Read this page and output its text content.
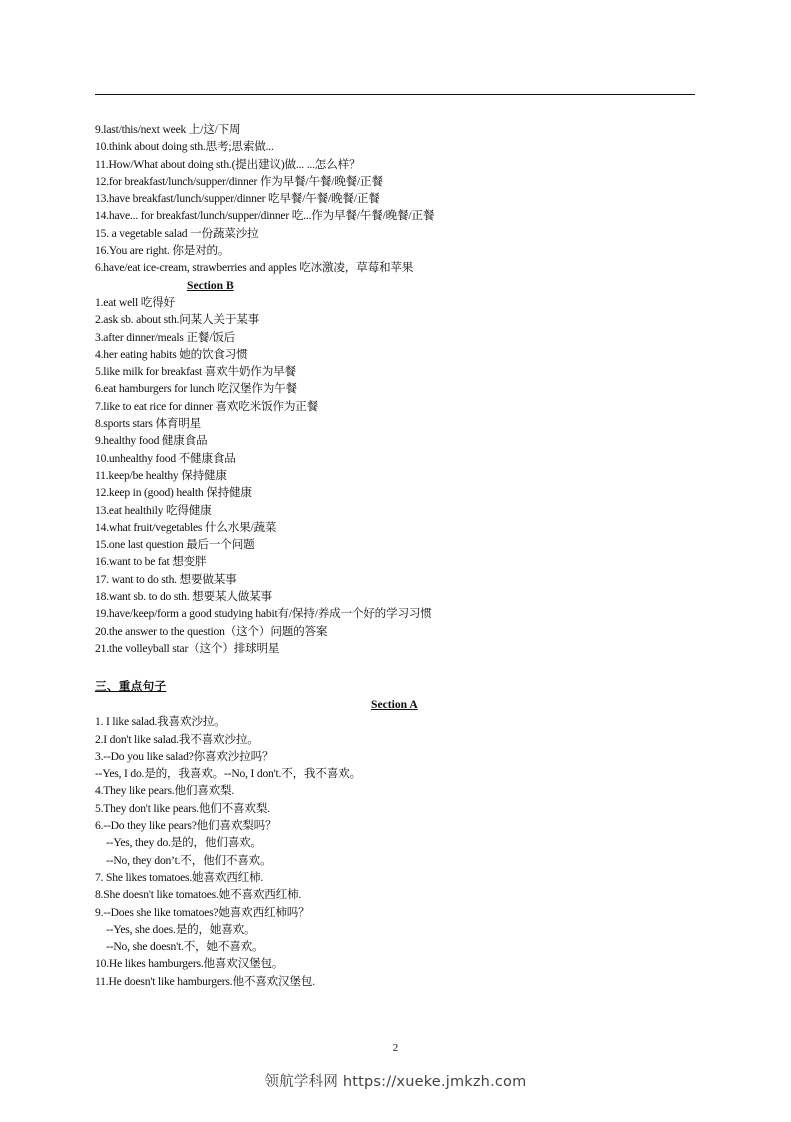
9.last/this/next week 上/这/下周
10.think about doing sth.思考;思索做...
11.How/What about doing sth.(提出建议)做... ...怎么样？
12.for breakfast/lunch/supper/dinner 作为早餐/午餐/晚餐/正餐
13.have breakfast/lunch/supper/dinner 吃早餐/午餐/晚餐/正餐
14.have... for breakfast/lunch/supper/dinner 吃...作为早餐/午餐/晚餐/正餐
15. a vegetable salad 一份蔬菜沙拉
16.You are right. 你是对的。
6.have/eat ice-cream, strawberries and apples 吃冰激凌，草莓和苹果
Section B
1.eat well 吃得好
2.ask sb. about sth.问某人关于某事
3.after dinner/meals 正餐/饭后
4.her eating habits 她的饮食习惯
5.like milk for breakfast 喜欢牛奶作为早餐
6.eat hamburgers for lunch 吃汉堡作为午餐
7.like to eat rice for dinner 喜欢吃米饭作为正餐
8.sports stars 体育明星
9.healthy food 健康食品
10.unhealthy food 不健康食品
11.keep/be healthy 保持健康
12.keep in (good) health 保持健康
13.eat healthily 吃得健康
14.what fruit/vegetables 什么水果/蔬菜
15.one last question 最后一个问题
16.want to be fat 想变胖
17. want to do sth. 想要做某事
18.want sb. to do sth. 想要某人做某事
19.have/keep/form a good studying habit有/保持/养成一个好的学习习惯
20.the answer to the question（这个）问题的答案
21.the volleyball star（这个）排球明星
三、重点句子
Section A
1. I like salad.我喜欢沙拉。
2.I don't like salad.我不喜欢沙拉。
3.--Do you like salad?你喜欢沙拉吗？
--Yes, I do.是的，我喜欢。--No, I don't.不，我不喜欢。
4.They like pears.他们喜欢梨.
5.They don't like pears.他们不喜欢梨.
6.--Do they like pears?他们喜欢梨吗？
--Yes, they do.是的，他们喜欢。
--No, they don’t.不，他们不喜欢。
7. She likes tomatoes.她喜欢西红柿.
8.She doesn't like tomatoes.她不喜欢西红柿.
9.--Does she like tomatoes?她喜欢西红柿吗？
--Yes, she does.是的，她喜欢。
--No, she doesn't.不，她不喜欢。
10.He likes hamburgers.他喜欢汉堡包。
11.He doesn't like hamburgers.他不喜欢汉堡包.
2
领航学科网 https://xueke.jmkzh.com
